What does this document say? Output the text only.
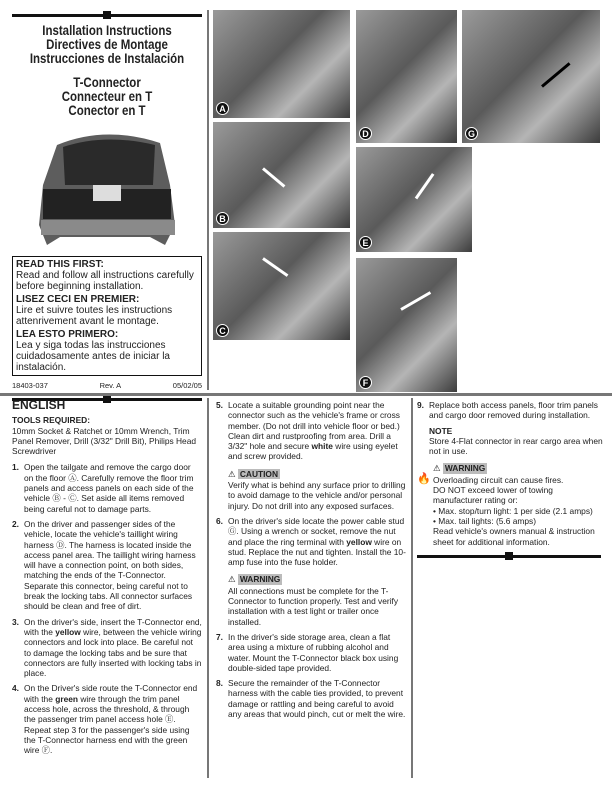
Installation Instructions
Directives de Montage
Instrucciones de Instalación
T-Connector
Connecteur en T
Conector en T
READ THIS FIRST:
Read and follow all instructions carefully before beginning installation.
LISEZ CECI EN PREMIER:
Lire et suivre toutes les instructions attenrivement avant le montage.
LEA ESTO PRIMERO:
Lea y siga todas las instrucciones cuidadosamente antes de iniciar la instalación.
18403-037	Rev. A	05/02/05
A
B
C
D	G
E
F
ENGLISH
TOOLS REQUIRED:
10mm Socket & Ratchet or 10mm Wrench, Trim Panel Remover, Drill (3/32" Drill Bit), Philips Head Screwdriver
1. Open the tailgate and remove the cargo door on the floor Ⓐ. Carefully remove the floor trim panels and access panels on each side of the vehicle Ⓑ - Ⓒ. Set aside all items removed being careful not to damage parts.
2. On the driver and passenger sides of the vehicle, locate the vehicle's taillight wiring harness Ⓓ. The harness is located inside the access panel area. The taillight wiring harness will have a connection point, on both sides, matching the ends of the T-Connector. Separate this connector, being careful not to break the locking tabs. All connector surfaces should be clean and free of dirt.
3. On the driver's side, insert the T-Connector end, with the yellow wire, between the vehicle wiring connectors and lock into place. Be careful not to damage the locking tabs and be sure that connectors are fully inserted with locking tabs in place.
4. On the Driver's side route the T-Connector end with the green wire through the trim panel access hole, across the threshold, & through the passenger trim panel access hole Ⓔ. Repeat step 3 for the passenger's side using the T-Connector harness end with the green wire Ⓕ.
5. Locate a suitable grounding point near the connector such as the vehicle's frame or cross member. (Do not drill into vehicle floor or bed.) Clean dirt and rustproofing from area. Drill a 3/32" hole and secure white wire using eyelet and screw provided.
⚠ CAUTION
Verify what is behind any surface prior to drilling to avoid damage to the vehicle and/or personal injury. Do not drill into any exposed surfaces.
6. On the driver's side locate the power cable stud Ⓖ. Using a wrench or socket, remove the nut and place the ring terminal with yellow wire on stud. Replace the nut and tighten. Install the 10-amp fuse into the fuse holder.
⚠ WARNING
All connections must be complete for the T-Connector to function properly. Test and verify installation with a test light or trailer once installed.
7. In the driver's side storage area, clean a flat area using a mixture of rubbing alcohol and water. Mount the T-Connector black box using double-sided tape provided.
8. Secure the remainder of the T-Connector harness with the cable ties provided, to prevent damage or rattling and being careful to avoid any areas that would pinch, cut or melt the wire.
9. Replace both access panels, floor trim panels and cargo door removed during installation.
NOTE
Store 4-Flat connector in rear cargo area when not in use.
🔥
⚠ WARNING
Overloading circuit can cause fires.
DO NOT exceed lower of towing manufacturer rating or:
• Max. stop/turn light: 1 per side (2.1 amps)
• Max. tail lights: (5.6 amps)
Read vehicle's owners manual & instruction sheet for additional information.
